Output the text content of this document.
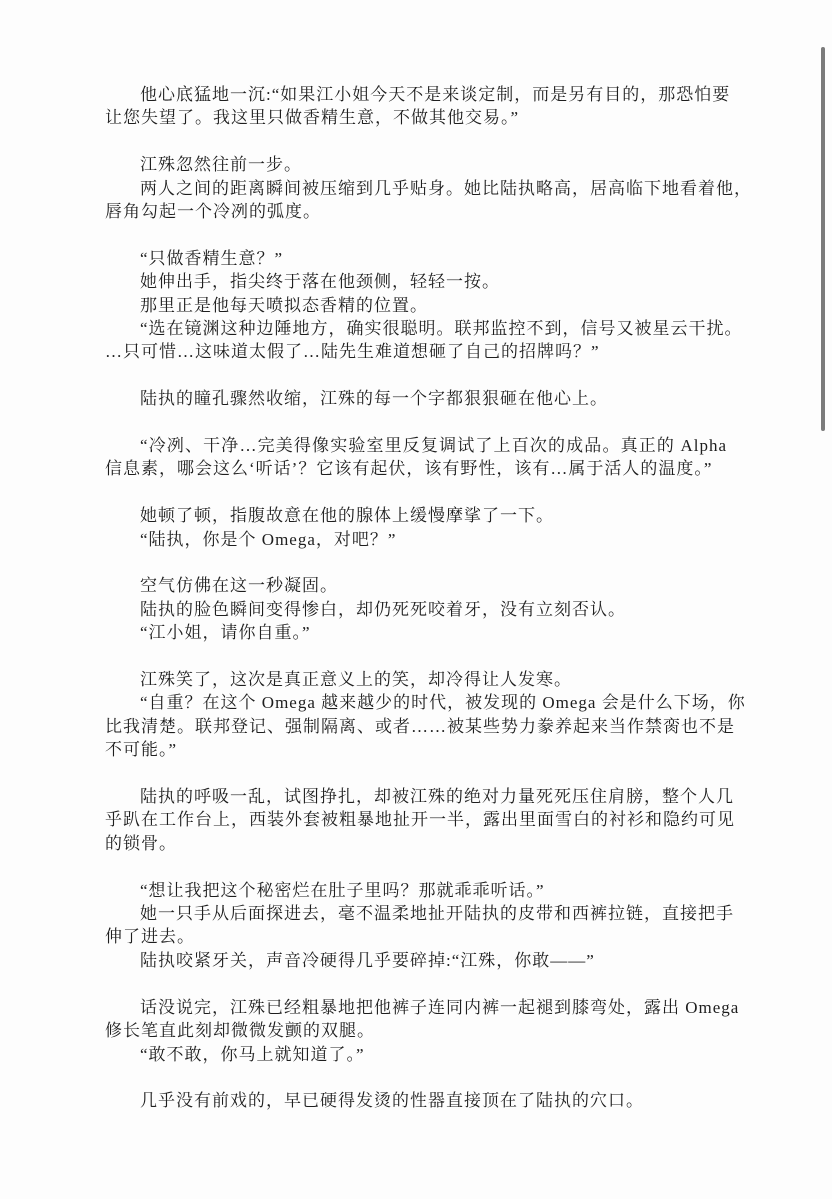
他心底猛地一沉:“如果江小姐今天不是来谈定制，而是另有目的，那恐怕要
让您失望了。我这里只做香精生意，不做其他交易。”
江殊忽然往前一步。
两人之间的距离瞬间被压缩到几乎贴身。她比陆执略高，居高临下地看着他，
唇角勾起一个冷冽的弧度。
“只做香精生意？”
她伸出手，指尖终于落在他颈侧，轻轻一按。
那里正是他每天喷拟态香精的位置。
“选在镜渊这种边陲地方，确实很聪明。联邦监控不到，信号又被星云干扰。
…只可惜…这味道太假了…陆先生难道想砸了自己的招牌吗？”
陆执的瞳孔骤然收缩，江殊的每一个字都狠狠砸在他心上。
“冷冽、干净…完美得像实验室里反复调试了上百次的成品。真正的 Alpha
信息素，哪会这么‘听话’？它该有起伏，该有野性，该有…属于活人的温度。”
她顿了顿，指腹故意在他的腺体上缓慢摩挲了一下。
“陆执，你是个 Omega，对吧？”
空气仿佛在这一秒凝固。
陆执的脸色瞬间变得惨白，却仍死死咬着牙，没有立刻否认。
“江小姐，请你自重。”
江殊笑了，这次是真正意义上的笑，却冷得让人发寒。
“自重？在这个 Omega 越来越少的时代，被发现的 Omega 会是什么下场，你
比我清楚。联邦登记、强制隔离、或者……被某些势力豢养起来当作禁脔也不是
不可能。”
陆执的呼吸一乱，试图挣扎，却被江殊的绝对力量死死压住肩膀，整个人几
乎趴在工作台上，西装外套被粗暴地扯开一半，露出里面雪白的衬衫和隐约可见
的锁骨。
“想让我把这个秘密烂在肚子里吗？那就乖乖听话。”
她一只手从后面探进去，毫不温柔地扯开陆执的皮带和西裤拉链，直接把手
伸了进去。
陆执咬紧牙关，声音冷硬得几乎要碎掉:“江殊，你敢——”
话没说完，江殊已经粗暴地把他裤子连同内裤一起褪到膝弯处，露出 Omega
修长笔直此刻却微微发颤的双腿。
“敢不敢，你马上就知道了。”
几乎没有前戏的，早已硬得发烫的性器直接顶在了陆执的穴口。
